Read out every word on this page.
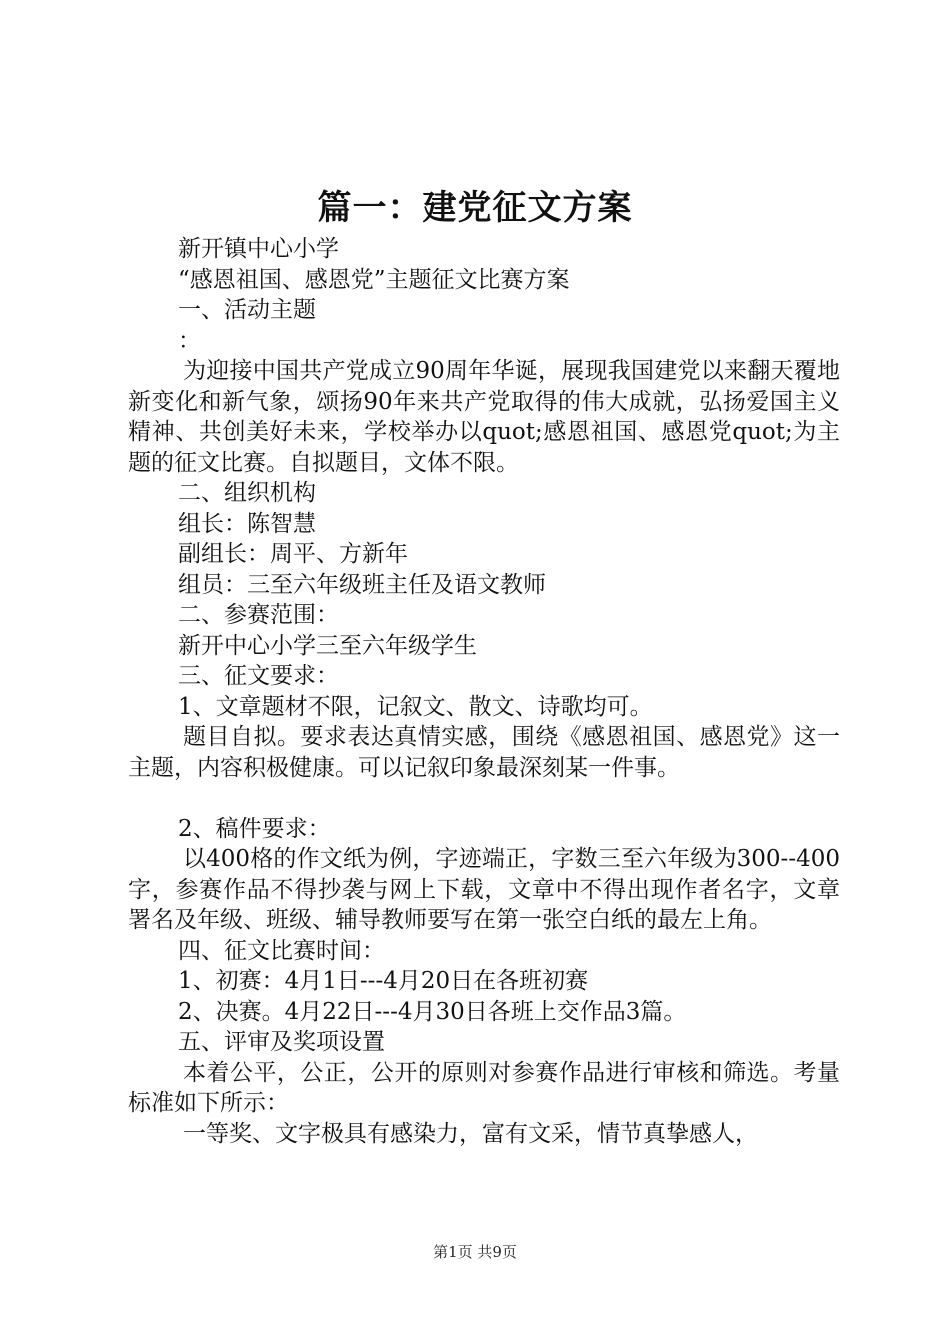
篇一：建党征文方案

新开镇中心小学

“感恩祖国、感恩党”主题征文比赛方案

一、活动主题

：

为迎接中国共产党成立90周年华诞，展现我国建党以来翻天覆地新变化和新气象，颂扬90年来共产党取得的伟大成就，弘扬爱国主义精神、共创美好未来，学校举办以quot;感恩祖国、感恩党quot;为主题的征文比赛。自拟题目，文体不限。

二、组织机构

组长：陈智慧

副组长：周平、方新年

组员：三至六年级班主任及语文教师

二、参赛范围：

新开中心小学三至六年级学生

三、征文要求：

1、文章题材不限，记叙文、散文、诗歌均可。

题目自拟。要求表达真情实感，围绕《感恩祖国、感恩党》这一主题，内容积极健康。可以记叙印象最深刻某一件事。

2、稿件要求：

以400格的作文纸为例，字迹端正，字数三至六年级为300--400字，参赛作品不得抄袭与网上下载，文章中不得出现作者名字，文章署名及年级、班级、辅导教师要写在第一张空白纸的最左上角。

四、征文比赛时间：

1、初赛：4月1日---4月20日在各班初赛

2、决赛。4月22日---4月30日各班上交作品3篇。

五、评审及奖项设置

本着公平，公正，公开的原则对参赛作品进行审核和筛选。考量标准如下所示：

一等奖、文字极具有感染力，富有文采，情节真挚感人，

第1页 共9页
